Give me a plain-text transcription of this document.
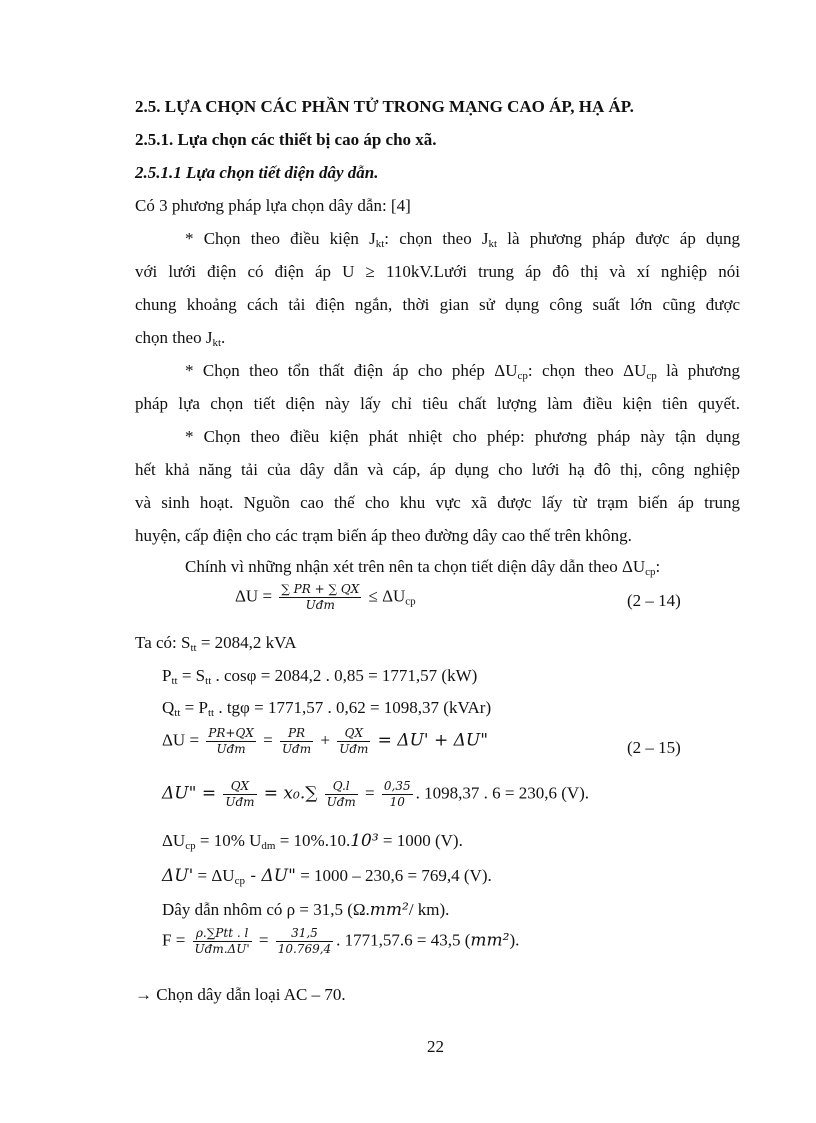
2.5. LỰA CHỌN CÁC PHẦN TỬ TRONG MẠNG CAO ÁP, HẠ ÁP.
2.5.1. Lựa chọn các thiết bị cao áp cho xã.
2.5.1.1 Lựa chọn tiết diện dây dẫn.
Có 3 phương pháp lựa chọn dây dẫn: [4]
* Chọn theo điều kiện $J_{kt}$: chọn theo $J_{kt}$ là phương pháp được áp dụng
với lưới điện có điện áp U ≥ 110kV.Lưới trung áp đô thị và xí nghiệp nói
chung khoảng cách tải điện ngắn, thời gian sử dụng công suất lớn cũng được
chọn theo $J_{kt}$.
* Chọn theo tổn thất điện áp cho phép $\Delta U_{cp}$: chọn theo $\Delta U_{cp}$ là phương
pháp lựa chọn tiết diện này lấy chỉ tiêu chất lượng làm điều kiện tiên quyết.
* Chọn theo điều kiện phát nhiệt cho phép: phương pháp này tận dụng
hết khả năng tải của dây dẫn và cáp, áp dụng cho lưới hạ đô thị, công nghiệp
và sinh hoạt. Nguồn cao thế cho khu vực xã được lấy từ trạm biến áp trung
huyện, cấp điện cho các trạm biến áp theo đường dây cao thế trên không.
Chính vì những nhận xét trên nên ta chọn tiết diện dây dẫn theo $\Delta U_{cp}$:
$\Delta U = \frac{\sum PR + \sum QX}{\text{Uđm}} \le \Delta U_{cp}$	(2 – 14)
Ta có: $S_{tt} = 2084,2$ kVA
$P_{tt} = S_{tt}$ . cosφ = 2084,2 . 0,85 = 1771,57 (kW)
$Q_{tt} = P_{tt}$ . tgφ = 1771,57 . 0,62 = 1098,37 (kVAr)
$\Delta U = \frac{PR+QX}{\text{Uđm}} = \frac{PR}{\text{Uđm}} + \frac{QX}{\text{Uđm}} = \Delta U' + \Delta U$"	(2 – 15)
ΔU" = $\frac{QX}{\text{Uđm}} = x_0.\sum \frac{Q.l}{\text{Uđm}} = \frac{0,35}{10}$ . 1098,37 . 6 = 230,6 (V).
$\Delta U_{cp} = 10\%$ $U_{dm} = 10\%.10.10^3 = 1000$ (V).
$\Delta U' = \Delta U_{cp} - \Delta U$" = 1000 – 230,6 = 769,4 (V).
Dây dẫn nhôm có ρ = 31,5 (Ω.mm²/ km).
$F = \frac{\text{ρ.∑Ptt . l}}{\text{Uđm.ΔU'}} = \frac{31,5}{10.769,4}$ . 1771,57.6 = 43,5 (mm²).
→ Chọn dây dẫn loại AC – 70.
22
